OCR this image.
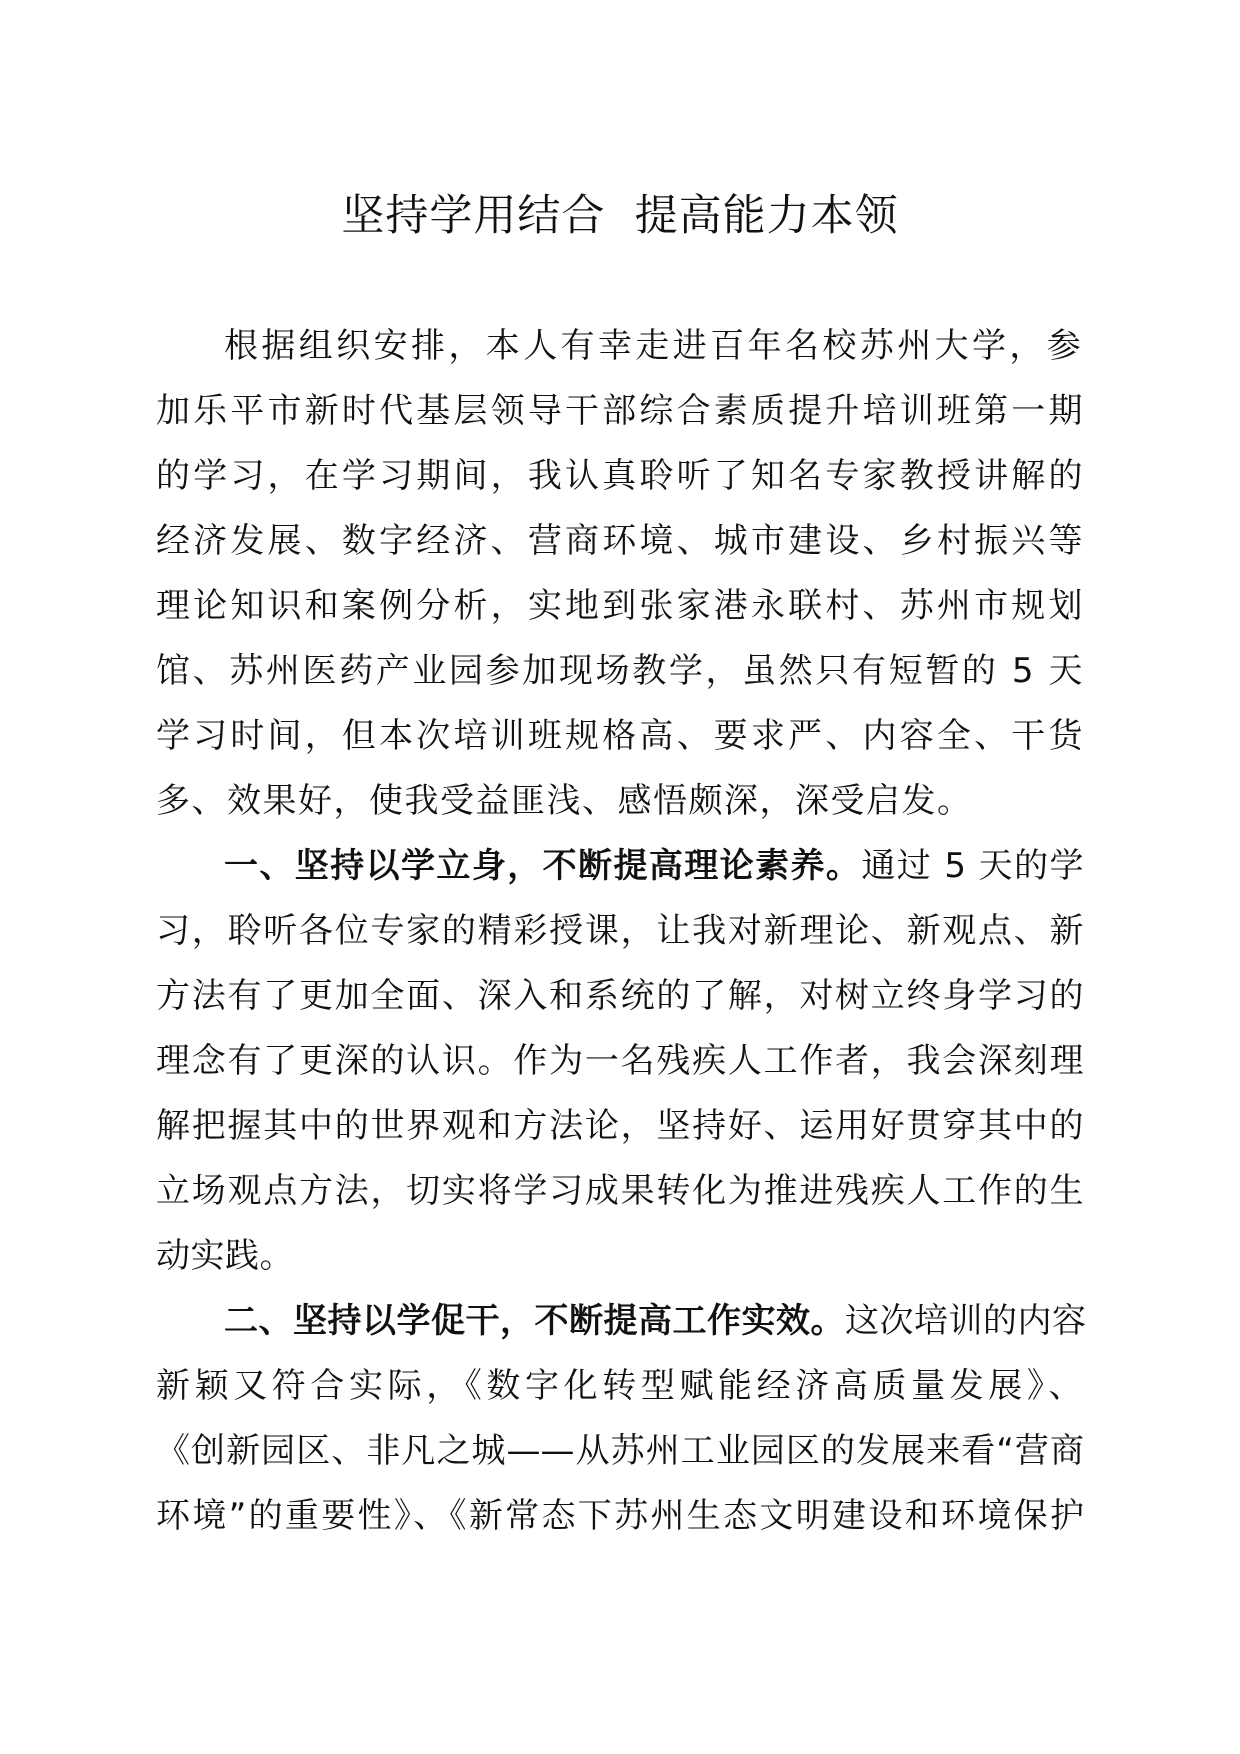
坚持学用结合  提高能力本领

根据组织安排，本人有幸走进百年名校苏州大学，参
加乐平市新时代基层领导干部综合素质提升培训班第一期
的学习，在学习期间，我认真聆听了知名专家教授讲解的
经济发展、数字经济、营商环境、城市建设、乡村振兴等
理论知识和案例分析，实地到张家港永联村、苏州市规划
馆、苏州医药产业园参加现场教学，虽然只有短暂的 5 天
学习时间，但本次培训班规格高、要求严、内容全、干货
多、效果好，使我受益匪浅、感悟颇深，深受启发。

一、坚持以学立身，不断提高理论素养。通过 5 天的学
习，聆听各位专家的精彩授课，让我对新理论、新观点、新
方法有了更加全面、深入和系统的了解，对树立终身学习的
理念有了更深的认识。作为一名残疾人工作者，我会深刻理
解把握其中的世界观和方法论，坚持好、运用好贯穿其中的
立场观点方法，切实将学习成果转化为推进残疾人工作的生
动实践。

二、坚持以学促干，不断提高工作实效。这次培训的内容
新颖又符合实际，《数字化转型赋能经济高质量发展》、
《创新园区、非凡之城——从苏州工业园区的发展来看“营商
环境”的重要性》、《新常态下苏州生态文明建设和环境保护
